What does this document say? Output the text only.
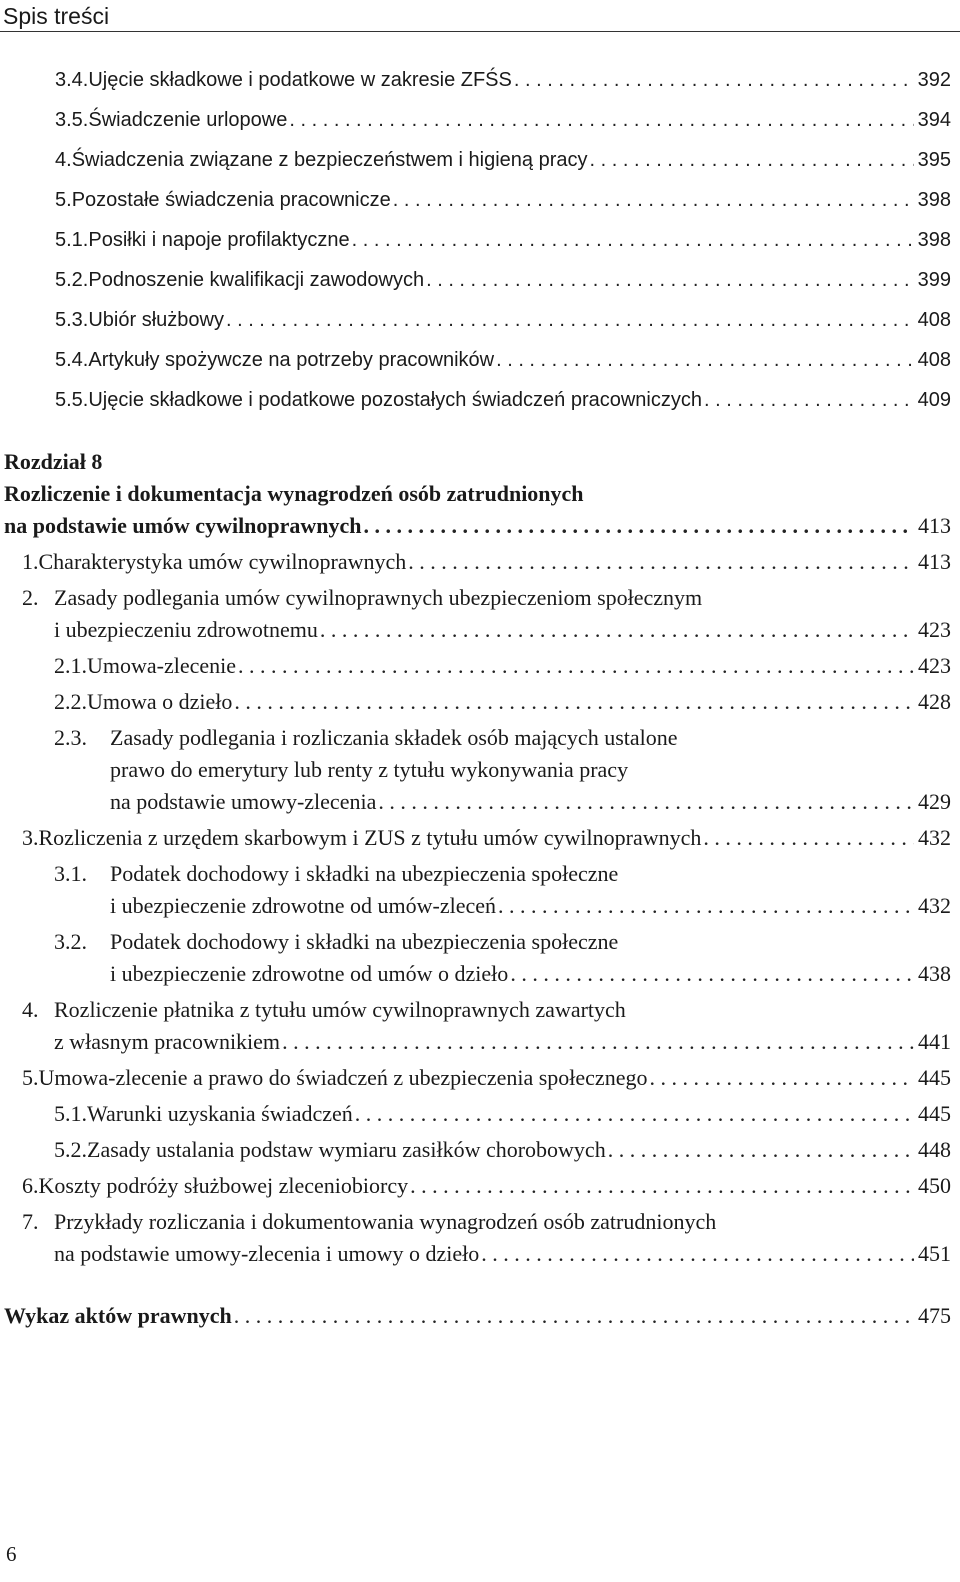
Spis treści
3.4. Ujęcie składkowe i podatkowe w zakresie ZFŚS . . .	392
3.5. Świadczenie urlopowe . . .	394
4. Świadczenia związane z bezpieczeństwem i higieną pracy . . .	395
5. Pozostałe świadczenia pracownicze . . .	398
5.1. Posiłki i napoje profilaktyczne . . .	398
5.2. Podnoszenie kwalifikacji zawodowych . . .	399
5.3. Ubiór służbowy . . .	408
5.4. Artykuły spożywcze na potrzeby pracowników . . .	408
5.5. Ujęcie składkowe i podatkowe pozostałych świadczeń pracowniczych . . .	409
Rozdział 8
Rozliczenie i dokumentacja wynagrodzeń osób zatrudnionych
na podstawie umów cywilnoprawnych . . .	413
1. Charakterystyka umów cywilnoprawnych . . .	413
2. Zasady podlegania umów cywilnoprawnych ubezpieczeniom społecznym
i ubezpieczeniu zdrowotnemu . . .	423
2.1. Umowa-zlecenie . . .	423
2.2. Umowa o dzieło . . .	428
2.3. Zasady podlegania i rozliczania składek osób mających ustalone
prawo do emerytury lub renty z tytułu wykonywania pracy
na podstawie umowy-zlecenia . . .	429
3. Rozliczenia z urzędem skarbowym i ZUS z tytułu umów cywilnoprawnych . . .	432
3.1. Podatek dochodowy i składki na ubezpieczenia społeczne
i ubezpieczenie zdrowotne od umów-zleceń . . .	432
3.2. Podatek dochodowy i składki na ubezpieczenia społeczne
i ubezpieczenie zdrowotne od umów o dzieło . . .	438
4. Rozliczenie płatnika z tytułu umów cywilnoprawnych zawartych
z własnym pracownikiem . . .	441
5. Umowa-zlecenie a prawo do świadczeń z ubezpieczenia społecznego . . .	445
5.1. Warunki uzyskania świadczeń . . .	445
5.2. Zasady ustalania podstaw wymiaru zasiłków chorobowych . . .	448
6. Koszty podróży służbowej zleceniobiorcy . . .	450
7. Przykłady rozliczania i dokumentowania wynagrodzeń osób zatrudnionych
na podstawie umowy-zlecenia i umowy o dzieło . . .	451
Wykaz aktów prawnych . . .	475
6
